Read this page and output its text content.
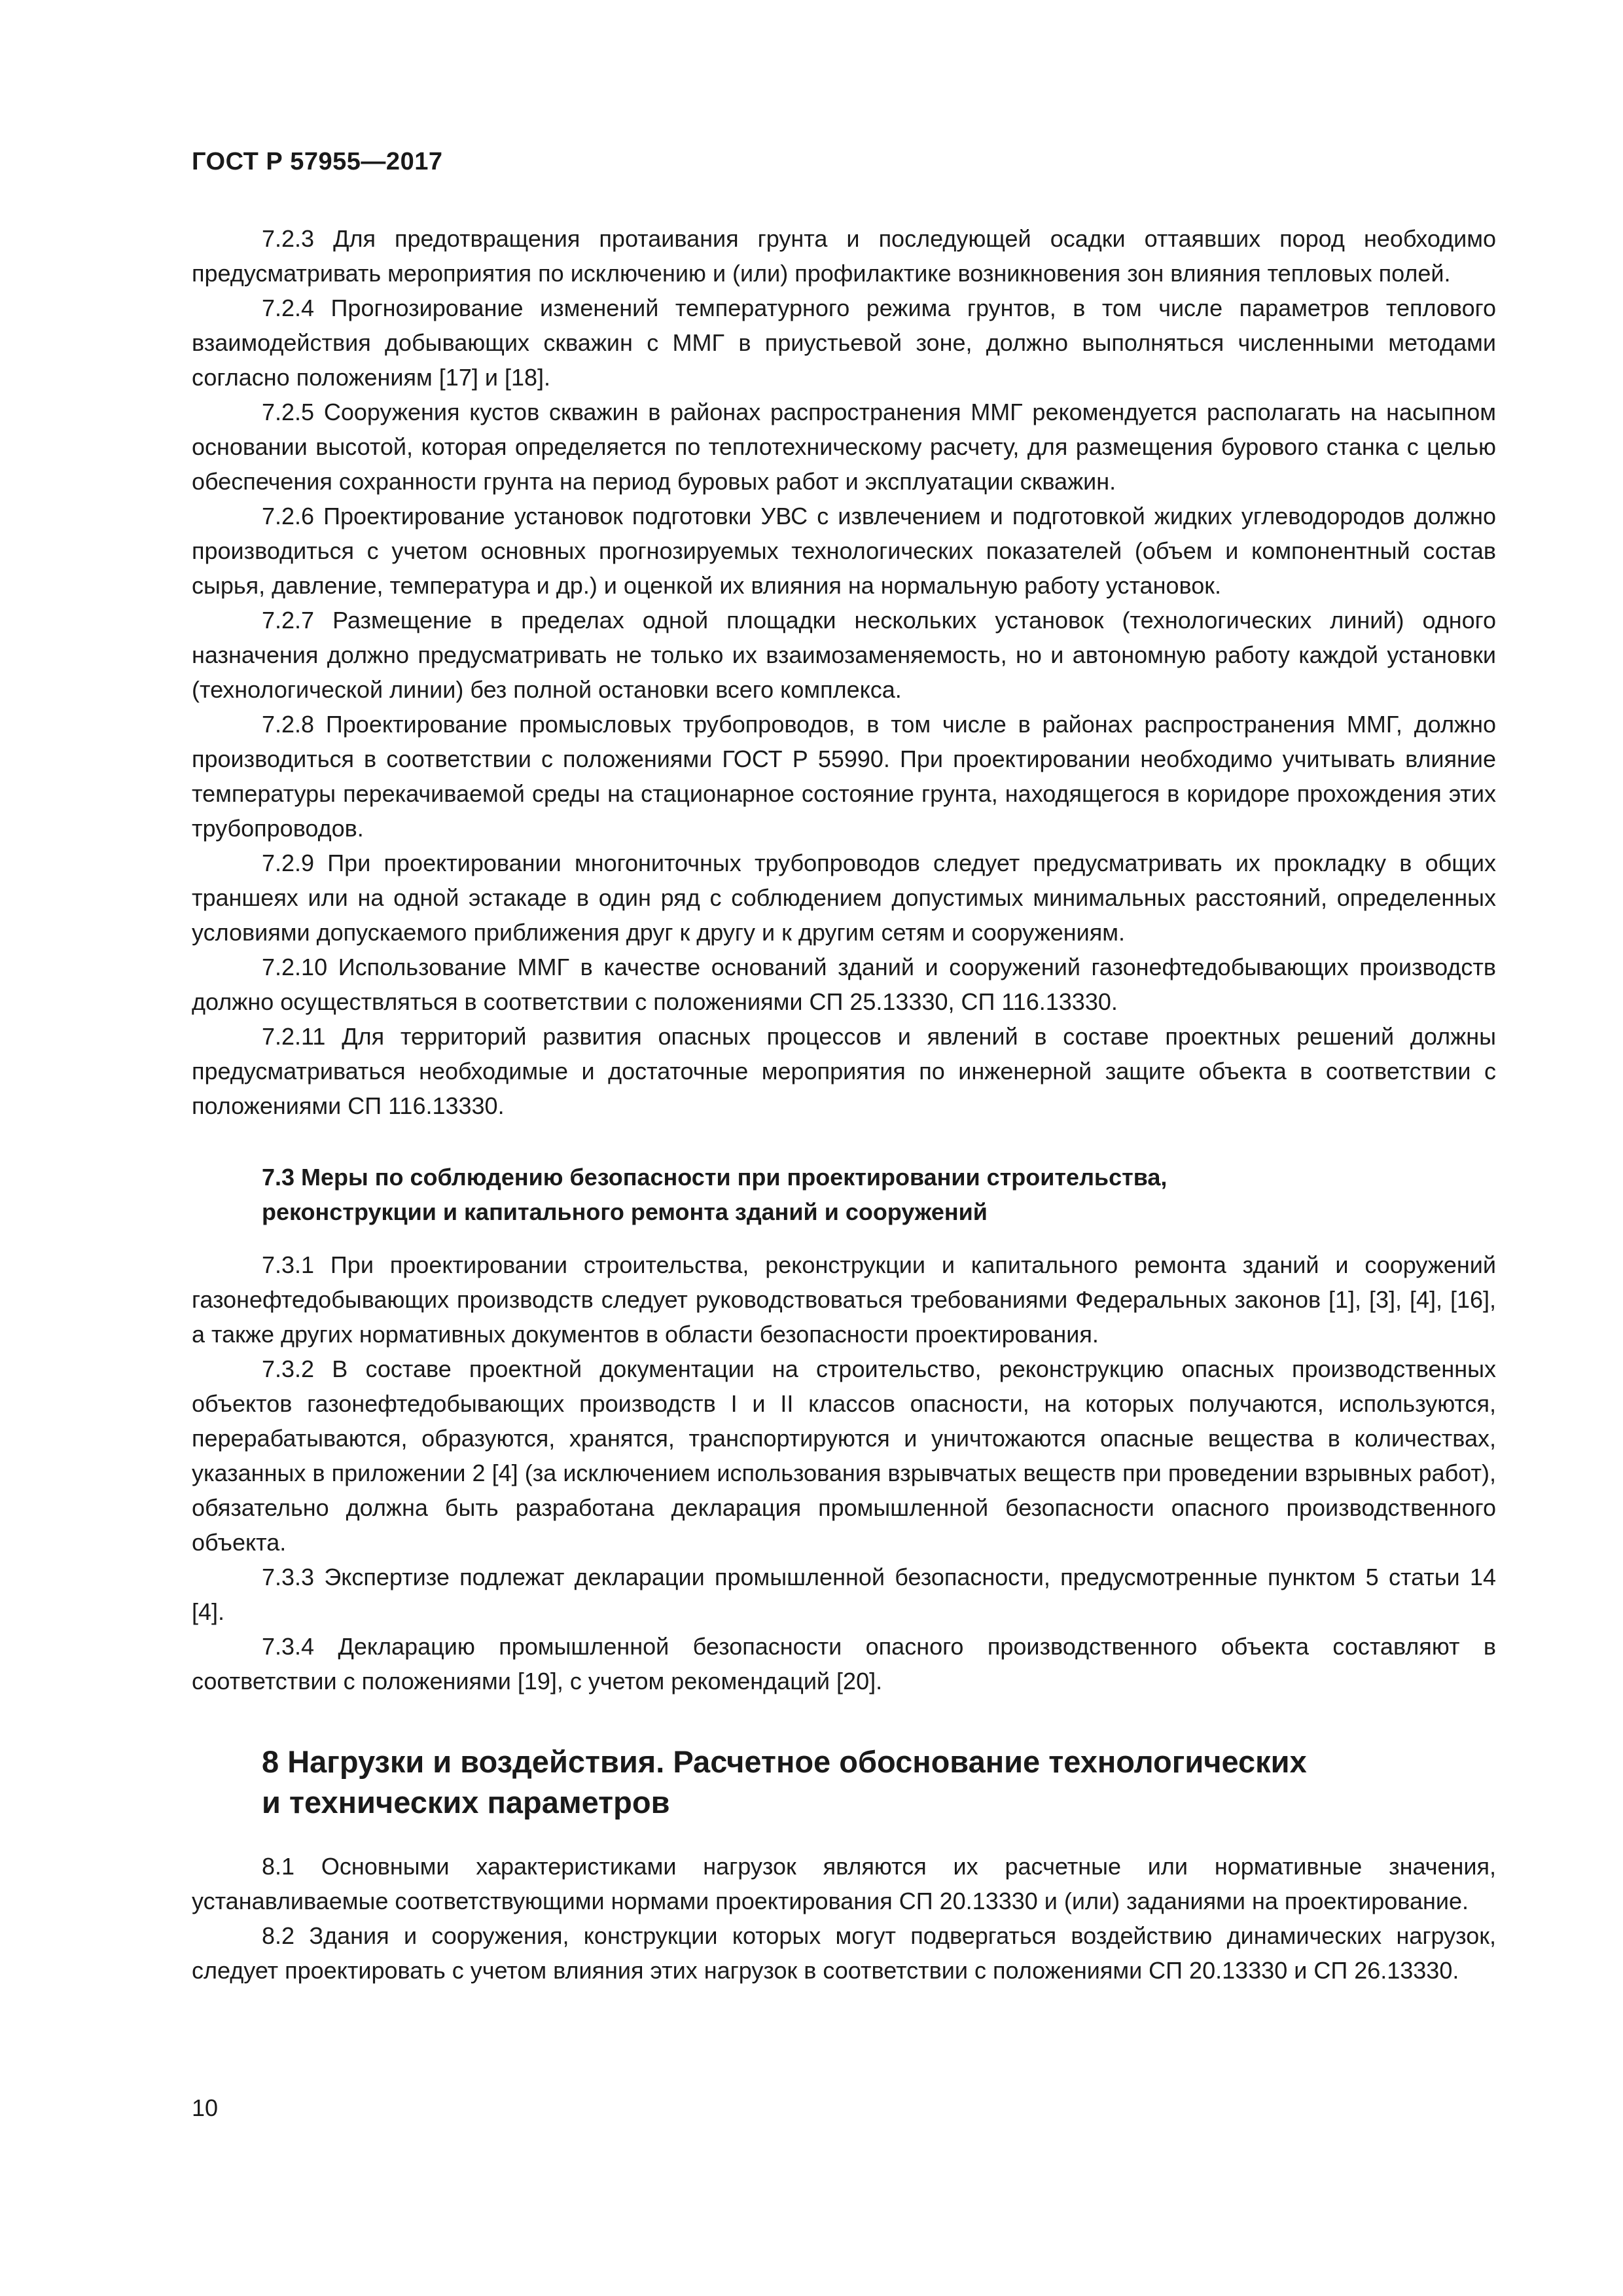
ГОСТ Р 57955—2017

7.2.3 Для предотвращения протаивания грунта и последующей осадки оттаявших пород необходимо предусматривать мероприятия по исключению и (или) профилактике возникновения зон влияния тепловых полей.

7.2.4 Прогнозирование изменений температурного режима грунтов, в том числе параметров теплового взаимодействия добывающих скважин с ММГ в приустьевой зоне, должно выполняться численными методами согласно положениям [17] и [18].

7.2.5 Сооружения кустов скважин в районах распространения ММГ рекомендуется располагать на насыпном основании высотой, которая определяется по теплотехническому расчету, для размещения бурового станка с целью обеспечения сохранности грунта на период буровых работ и эксплуатации скважин.

7.2.6 Проектирование установок подготовки УВС с извлечением и подготовкой жидких углеводородов должно производиться с учетом основных прогнозируемых технологических показателей (объем и компонентный состав сырья, давление, температура и др.) и оценкой их влияния на нормальную работу установок.

7.2.7 Размещение в пределах одной площадки нескольких установок (технологических линий) одного назначения должно предусматривать не только их взаимозаменяемость, но и автономную работу каждой установки (технологической линии) без полной остановки всего комплекса.

7.2.8 Проектирование промысловых трубопроводов, в том числе в районах распространения ММГ, должно производиться в соответствии с положениями ГОСТ Р 55990. При проектировании необходимо учитывать влияние температуры перекачиваемой среды на стационарное состояние грунта, находящегося в коридоре прохождения этих трубопроводов.

7.2.9 При проектировании многониточных трубопроводов следует предусматривать их прокладку в общих траншеях или на одной эстакаде в один ряд с соблюдением допустимых минимальных расстояний, определенных условиями допускаемого приближения друг к другу и к другим сетям и сооружениям.

7.2.10 Использование ММГ в качестве оснований зданий и сооружений газонефтедобывающих производств должно осуществляться в соответствии с положениями СП 25.13330, СП 116.13330.

7.2.11 Для территорий развития опасных процессов и явлений в составе проектных решений должны предусматриваться необходимые и достаточные мероприятия по инженерной защите объекта в соответствии с положениями СП 116.13330.

7.3 Меры по соблюдению безопасности при проектировании строительства,
реконструкции и капитального ремонта зданий и сооружений

7.3.1 При проектировании строительства, реконструкции и капитального ремонта зданий и сооружений газонефтедобывающих производств следует руководствоваться требованиями Федеральных законов [1], [3], [4], [16], а также других нормативных документов в области безопасности проектирования.

7.3.2 В составе проектной документации на строительство, реконструкцию опасных производственных объектов газонефтедобывающих производств I и II классов опасности, на которых получаются, используются, перерабатываются, образуются, хранятся, транспортируются и уничтожаются опасные вещества в количествах, указанных в приложении 2 [4] (за исключением использования взрывчатых веществ при проведении взрывных работ), обязательно должна быть разработана декларация промышленной безопасности опасного производственного объекта.

7.3.3 Экспертизе подлежат декларации промышленной безопасности, предусмотренные пунктом 5 статьи 14 [4].

7.3.4 Декларацию промышленной безопасности опасного производственного объекта составляют в соответствии с положениями [19], с учетом рекомендаций [20].

8 Нагрузки и воздействия. Расчетное обоснование технологических
и технических параметров

8.1 Основными характеристиками нагрузок являются их расчетные или нормативные значения, устанавливаемые соответствующими нормами проектирования СП 20.13330 и (или) заданиями на проектирование.

8.2 Здания и сооружения, конструкции которых могут подвергаться воздействию динамических нагрузок, следует проектировать с учетом влияния этих нагрузок в соответствии с положениями СП 20.13330 и СП 26.13330.

10
